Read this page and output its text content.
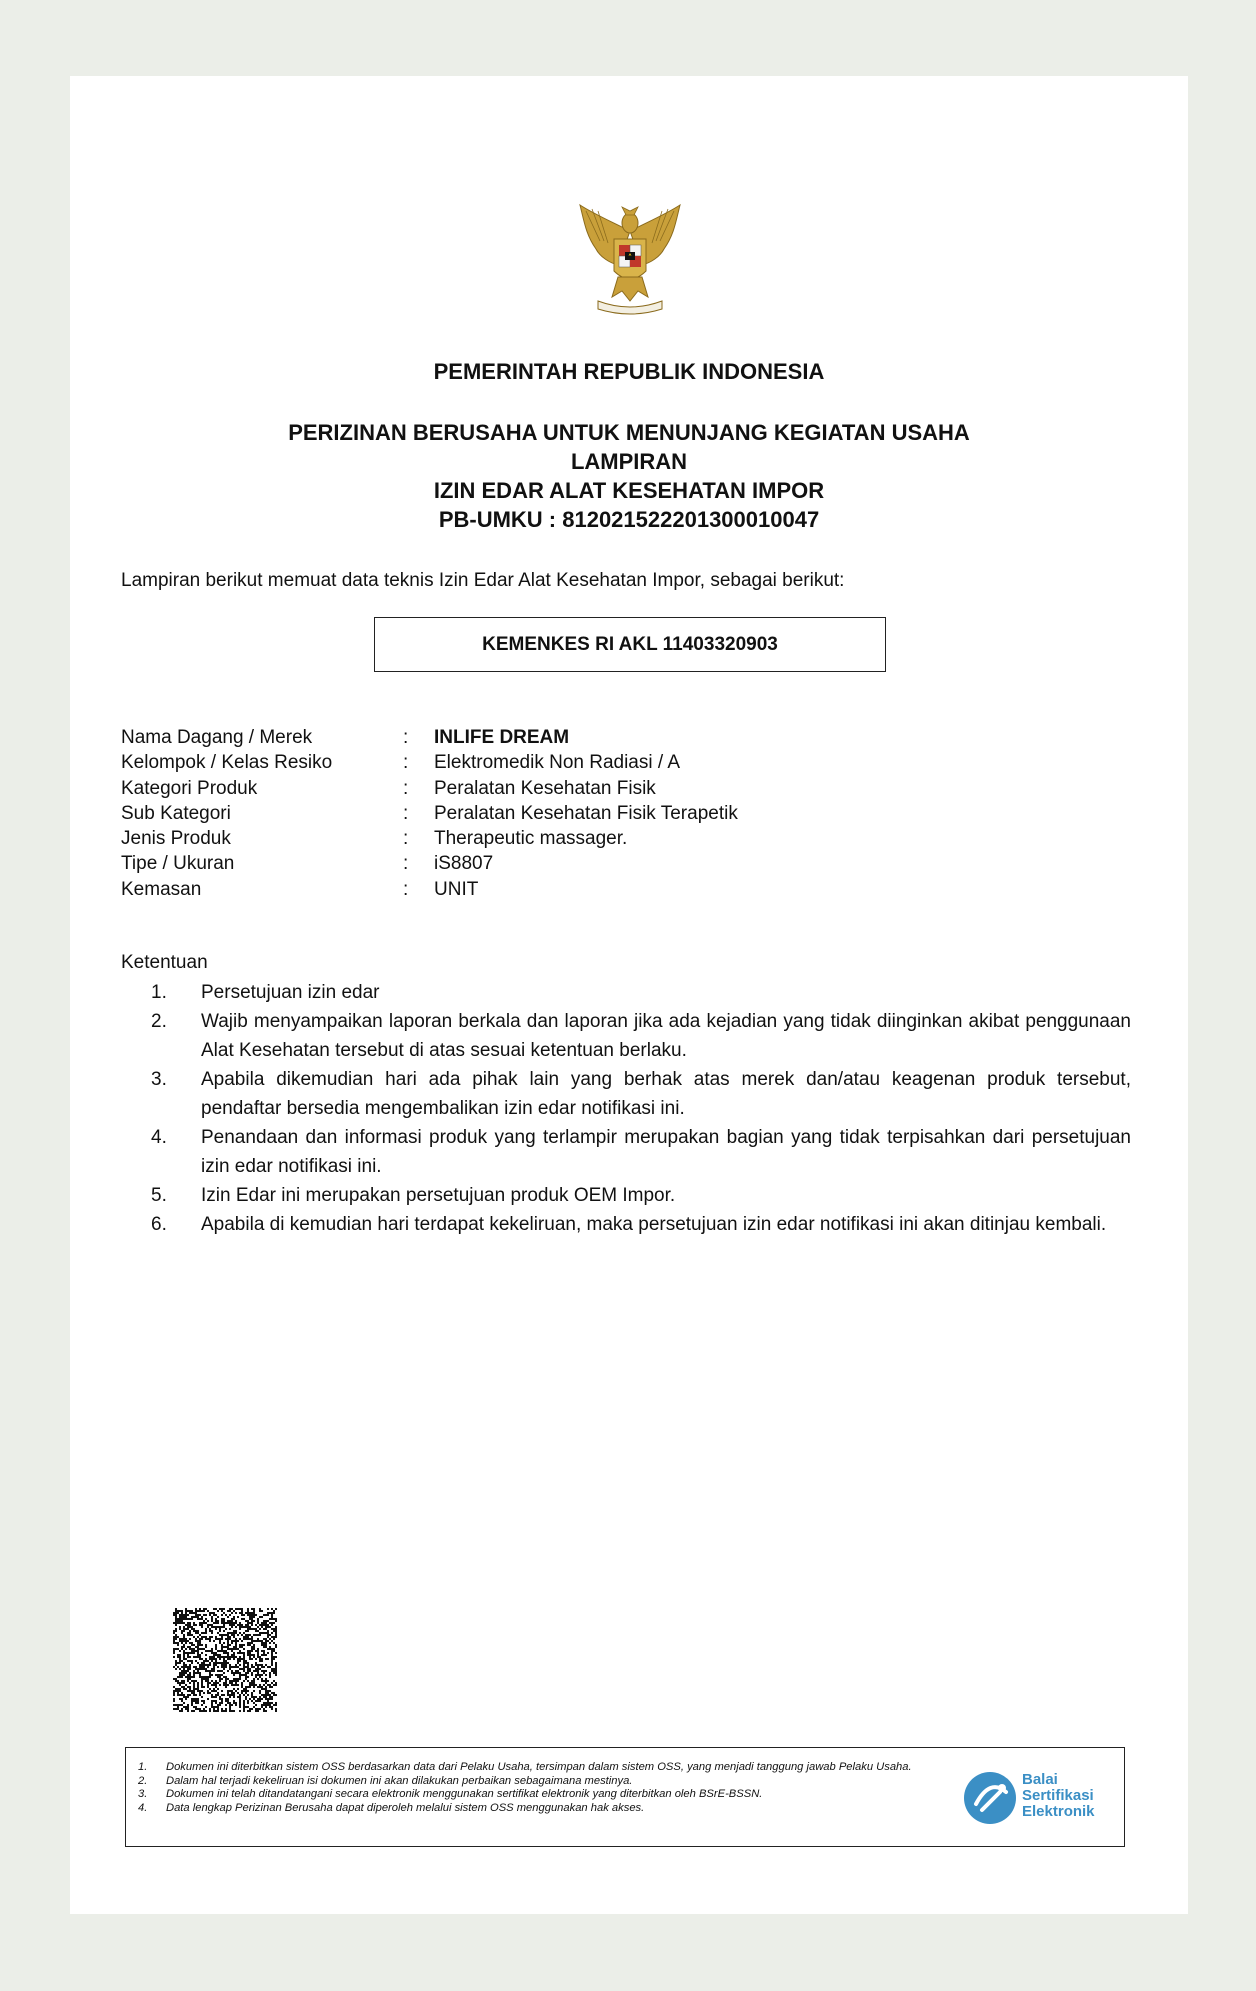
PEMERINTAH REPUBLIK INDONESIA
PERIZINAN BERUSAHA UNTUK MENUNJANG KEGIATAN USAHA
LAMPIRAN
IZIN EDAR ALAT KESEHATAN IMPOR
PB-UMKU : 812021522201300010047
Lampiran berikut memuat data teknis Izin Edar Alat Kesehatan Impor, sebagai berikut:
KEMENKES RI AKL 11403320903
Nama Dagang / Merek	:	INLIFE DREAM
Kelompok / Kelas Resiko	:	Elektromedik Non Radiasi / A
Kategori Produk	:	Peralatan Kesehatan Fisik
Sub Kategori	:	Peralatan Kesehatan Fisik Terapetik
Jenis Produk	:	Therapeutic massager.
Tipe / Ukuran	:	iS8807
Kemasan	:	UNIT
Ketentuan
1.	Persetujuan izin edar
2.	Wajib menyampaikan laporan berkala dan laporan jika ada kejadian yang tidak diinginkan akibat penggunaan Alat Kesehatan tersebut di atas sesuai ketentuan berlaku.
3.	Apabila dikemudian hari ada pihak lain yang berhak atas merek dan/atau keagenan produk tersebut, pendaftar bersedia mengembalikan izin edar notifikasi ini.
4.	Penandaan dan informasi produk yang terlampir merupakan bagian yang tidak terpisahkan dari persetujuan izin edar notifikasi ini.
5.	Izin Edar ini merupakan persetujuan produk OEM Impor.
6.	Apabila di kemudian hari terdapat kekeliruan, maka persetujuan izin edar notifikasi ini akan ditinjau kembali.
1.	Dokumen ini diterbitkan sistem OSS berdasarkan data dari Pelaku Usaha, tersimpan dalam sistem OSS, yang menjadi tanggung jawab Pelaku Usaha.
2.	Dalam hal terjadi kekeliruan isi dokumen ini akan dilakukan perbaikan sebagaimana mestinya.
3.	Dokumen ini telah ditandatangani secara elektronik menggunakan sertifikat elektronik yang diterbitkan oleh BSrE-BSSN.
4.	Data lengkap Perizinan Berusaha dapat diperoleh melalui sistem OSS menggunakan hak akses.
Balai
Sertifikasi
Elektronik
